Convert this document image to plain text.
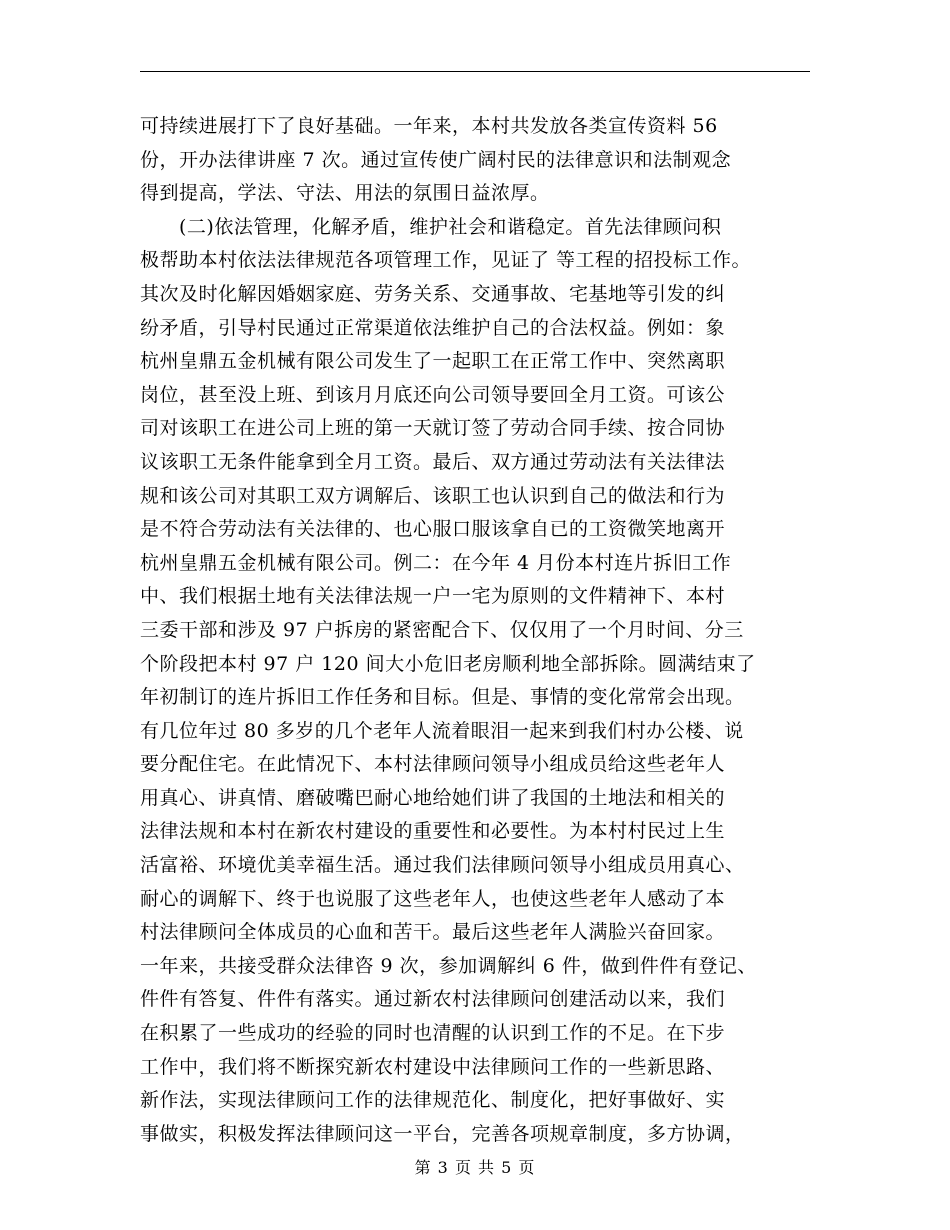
可持续进展打下了良好基础。一年来，本村共发放各类宣传资料 56
份，开办法律讲座 7 次。通过宣传使广阔村民的法律意识和法制观念
得到提高，学法、守法、用法的氛围日益浓厚。
　　(二)依法管理，化解矛盾，维护社会和谐稳定。首先法律顾问积
极帮助本村依法法律规范各项管理工作，见证了 等工程的招投标工作。
其次及时化解因婚姻家庭、劳务关系、交通事故、宅基地等引发的纠
纷矛盾，引导村民通过正常渠道依法维护自己的合法权益。例如：象
杭州皇鼎五金机械有限公司发生了一起职工在正常工作中、突然离职
岗位，甚至没上班、到该月月底还向公司领导要回全月工资。可该公
司对该职工在进公司上班的第一天就订签了劳动合同手续、按合同协
议该职工无条件能拿到全月工资。最后、双方通过劳动法有关法律法
规和该公司对其职工双方调解后、该职工也认识到自己的做法和行为
是不符合劳动法有关法律的、也心服口服该拿自已的工资微笑地离开
杭州皇鼎五金机械有限公司。例二：在今年 4 月份本村连片拆旧工作
中、我们根据土地有关法律法规一户一宅为原则的文件精神下、本村
三委干部和涉及 97 户拆房的紧密配合下、仅仅用了一个月时间、分三
个阶段把本村 97 户 120 间大小危旧老房顺利地全部拆除。圆满结束了
年初制订的连片拆旧工作任务和目标。但是、事情的变化常常会出现。
有几位年过 80 多岁的几个老年人流着眼泪一起来到我们村办公楼、说
要分配住宅。在此情况下、本村法律顾问领导小组成员给这些老年人
用真心、讲真情、磨破嘴巴耐心地给她们讲了我国的土地法和相关的
法律法规和本村在新农村建设的重要性和必要性。为本村村民过上生
活富裕、环境优美幸福生活。通过我们法律顾问领导小组成员用真心、
耐心的调解下、终于也说服了这些老年人，也使这些老年人感动了本
村法律顾问全体成员的心血和苦干。最后这些老年人满脸兴奋回家。
一年来，共接受群众法律咨 9 次，参加调解纠 6 件，做到件件有登记、
件件有答复、件件有落实。通过新农村法律顾问创建活动以来，我们
在积累了一些成功的经验的同时也清醒的认识到工作的不足。在下步
工作中，我们将不断探究新农村建设中法律顾问工作的一些新思路、
新作法，实现法律顾问工作的法律规范化、制度化，把好事做好、实
事做实，积极发挥法律顾问这一平台，完善各项规章制度，多方协调，
第 3 页 共 5 页
